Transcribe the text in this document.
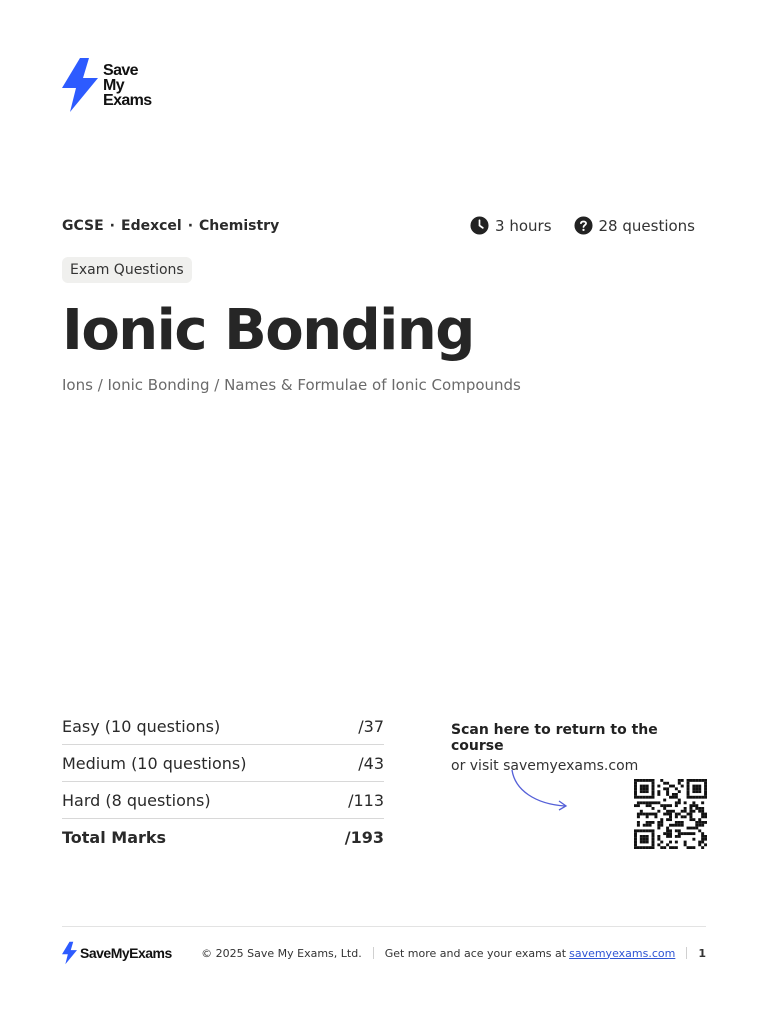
Save
My
Exams
GCSE · Edexcel · Chemistry	3 hours	28 questions
Exam Questions
Ionic Bonding
Ions / Ionic Bonding / Names & Formulae of Ionic Compounds
Easy (10 questions)	/37
Medium (10 questions)	/43
Hard (8 questions)	/113
Total Marks	/193
Scan here to return to the course
or visit savemyexams.com
SaveMyExams	© 2025 Save My Exams, Ltd. Get more and ace your exams at savemyexams.com 1
